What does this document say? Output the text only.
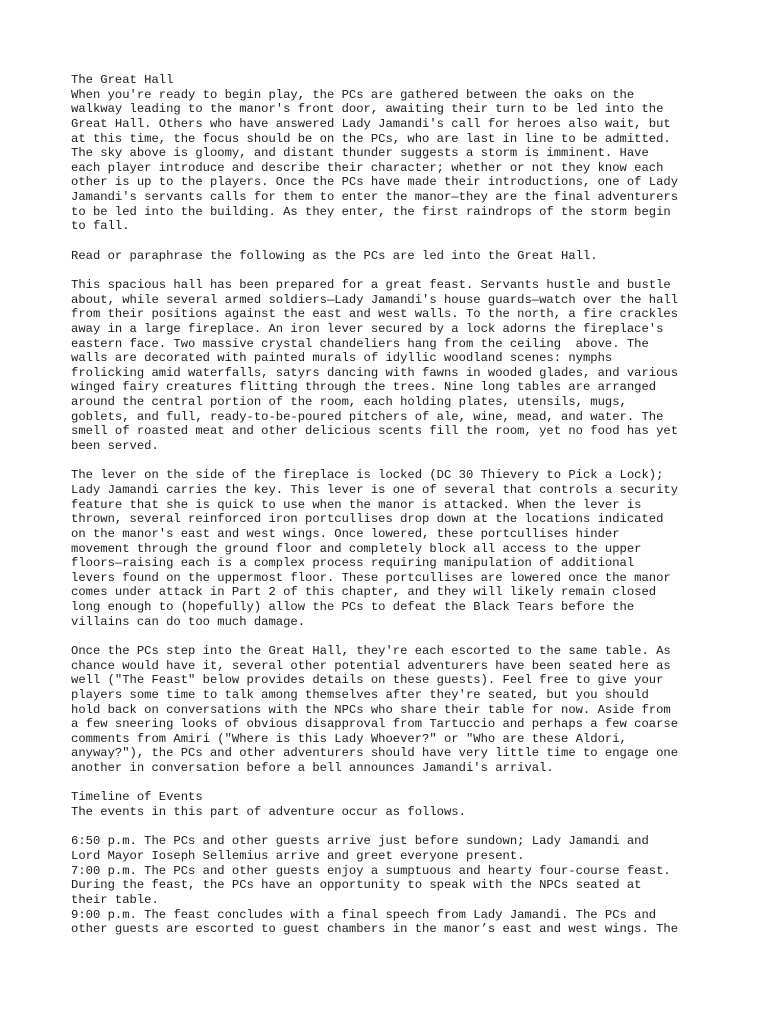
The Great Hall
When you're ready to begin play, the PCs are gathered between the oaks on the
walkway leading to the manor's front door, awaiting their turn to be led into the
Great Hall. Others who have answered Lady Jamandi's call for heroes also wait, but
at this time, the focus should be on the PCs, who are last in line to be admitted.
The sky above is gloomy, and distant thunder suggests a storm is imminent. Have
each player introduce and describe their character; whether or not they know each
other is up to the players. Once the PCs have made their introductions, one of Lady
Jamandi's servants calls for them to enter the manor—they are the final adventurers
to be led into the building. As they enter, the first raindrops of the storm begin
to fall.
Read or paraphrase the following as the PCs are led into the Great Hall.
This spacious hall has been prepared for a great feast. Servants hustle and bustle
about, while several armed soldiers—Lady Jamandi's house guards—watch over the hall
from their positions against the east and west walls. To the north, a fire crackles
away in a large fireplace. An iron lever secured by a lock adorns the fireplace's
eastern face. Two massive crystal chandeliers hang from the ceiling  above. The
walls are decorated with painted murals of idyllic woodland scenes: nymphs
frolicking amid waterfalls, satyrs dancing with fawns in wooded glades, and various
winged fairy creatures flitting through the trees. Nine long tables are arranged
around the central portion of the room, each holding plates, utensils, mugs,
goblets, and full, ready-to-be-poured pitchers of ale, wine, mead, and water. The
smell of roasted meat and other delicious scents fill the room, yet no food has yet
been served.
The lever on the side of the fireplace is locked (DC 30 Thievery to Pick a Lock);
Lady Jamandi carries the key. This lever is one of several that controls a security
feature that she is quick to use when the manor is attacked. When the lever is
thrown, several reinforced iron portcullises drop down at the locations indicated
on the manor's east and west wings. Once lowered, these portcullises hinder
movement through the ground floor and completely block all access to the upper
floors—raising each is a complex process requiring manipulation of additional
levers found on the uppermost floor. These portcullises are lowered once the manor
comes under attack in Part 2 of this chapter, and they will likely remain closed
long enough to (hopefully) allow the PCs to defeat the Black Tears before the
villains can do too much damage.
Once the PCs step into the Great Hall, they're each escorted to the same table. As
chance would have it, several other potential adventurers have been seated here as
well ("The Feast" below provides details on these guests). Feel free to give your
players some time to talk among themselves after they're seated, but you should
hold back on conversations with the NPCs who share their table for now. Aside from
a few sneering looks of obvious disapproval from Tartuccio and perhaps a few coarse
comments from Amiri ("Where is this Lady Whoever?" or "Who are these Aldori,
anyway?"), the PCs and other adventurers should have very little time to engage one
another in conversation before a bell announces Jamandi's arrival.
Timeline of Events
The events in this part of adventure occur as follows.
6:50 p.m. The PCs and other guests arrive just before sundown; Lady Jamandi and
Lord Mayor Ioseph Sellemius arrive and greet everyone present.
7:00 p.m. The PCs and other guests enjoy a sumptuous and hearty four-course feast.
During the feast, the PCs have an opportunity to speak with the NPCs seated at
their table.
9:00 p.m. The feast concludes with a final speech from Lady Jamandi. The PCs and
other guests are escorted to guest chambers in the manor’s east and west wings. The
